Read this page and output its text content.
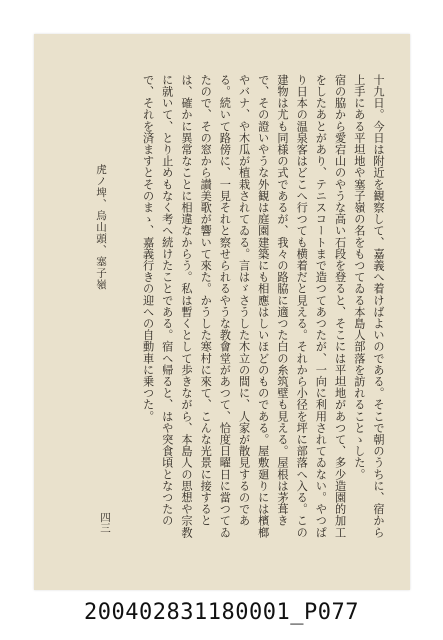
十九日。今日は附近を観察して、嘉義へ着けばよいのである。そこで朝のうちに、宿から上手にある平坦地や塞子嶺の名をもつてゐる本島人部落を訪れることゝした。

宿の脇から愛宕山のやうな高い石段を登ると、そこには平坦地があつて、多少造園的加工をしたあとがあり、テニスコートまで造つてあつたが、一向に利用されてゐない。やつぱり日本の温泉客はどこへ行つても横着だと見える。それから小径を坪に部落へ入る。この建物は尤も同様の式であるが、我々の路脇に適つた白の糸筑壁も見える。屋根は茅葺きで、その證いやうな外観は庭園建築にも相應はしいほどのものである。屋敷廻りには檳榔やバナ、や木瓜が植栽されてゐる。言はゞさうした木立の間に、人家が散見するのである。続いて路傍に、一見それと察せられるやうな教會堂があつて、恰度日曜日に當つてゐたので、その窓から讃美歌が響いて來た。かうした寒村に來て、こんな光景に接するとは、確かに異常なことに相違なからう。私は暫くとして歩きながら、本島人の思想や宗教に就いて、とり止めもなく考へ続けたことである。宿へ帰ると、はや突食頃となつたので、それを済ますとそのまゝ、嘉義行きの迎への自動車に乗つた。

虎ノ埤、烏山頭、塞子嶺
四三
200402831180001_P077
